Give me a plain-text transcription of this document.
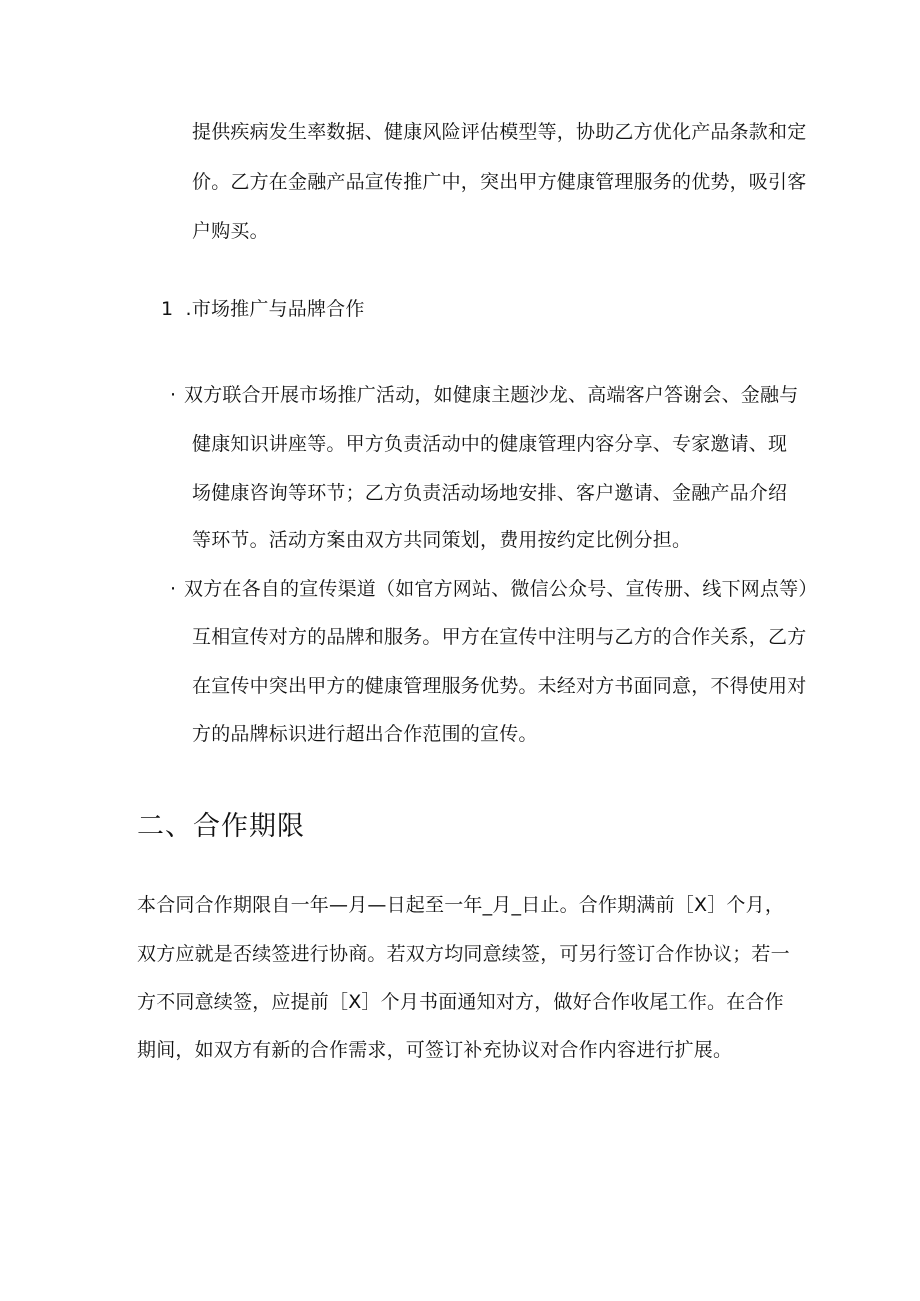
提供疾病发生率数据、健康风险评估模型等，协助乙方优化产品条款和定
价。乙方在金融产品宣传推广中，突出甲方健康管理服务的优势，吸引客
户购买。
1 .市场推广与品牌合作
· 双方联合开展市场推广活动，如健康主题沙龙、高端客户答谢会、金融与
健康知识讲座等。甲方负责活动中的健康管理内容分享、专家邀请、现
场健康咨询等环节；乙方负责活动场地安排、客户邀请、金融产品介绍
等环节。活动方案由双方共同策划，费用按约定比例分担。
· 双方在各自的宣传渠道（如官方网站、微信公众号、宣传册、线下网点等）
互相宣传对方的品牌和服务。甲方在宣传中注明与乙方的合作关系，乙方
在宣传中突出甲方的健康管理服务优势。未经对方书面同意，不得使用对
方的品牌标识进行超出合作范围的宣传。
二、合作期限
本合同合作期限自一年—月—日起至一年_月_日止。合作期满前［X］个月，
双方应就是否续签进行协商。若双方均同意续签，可另行签订合作协议；若一
方不同意续签，应提前［X］个月书面通知对方，做好合作收尾工作。在合作
期间，如双方有新的合作需求，可签订补充协议对合作内容进行扩展。
